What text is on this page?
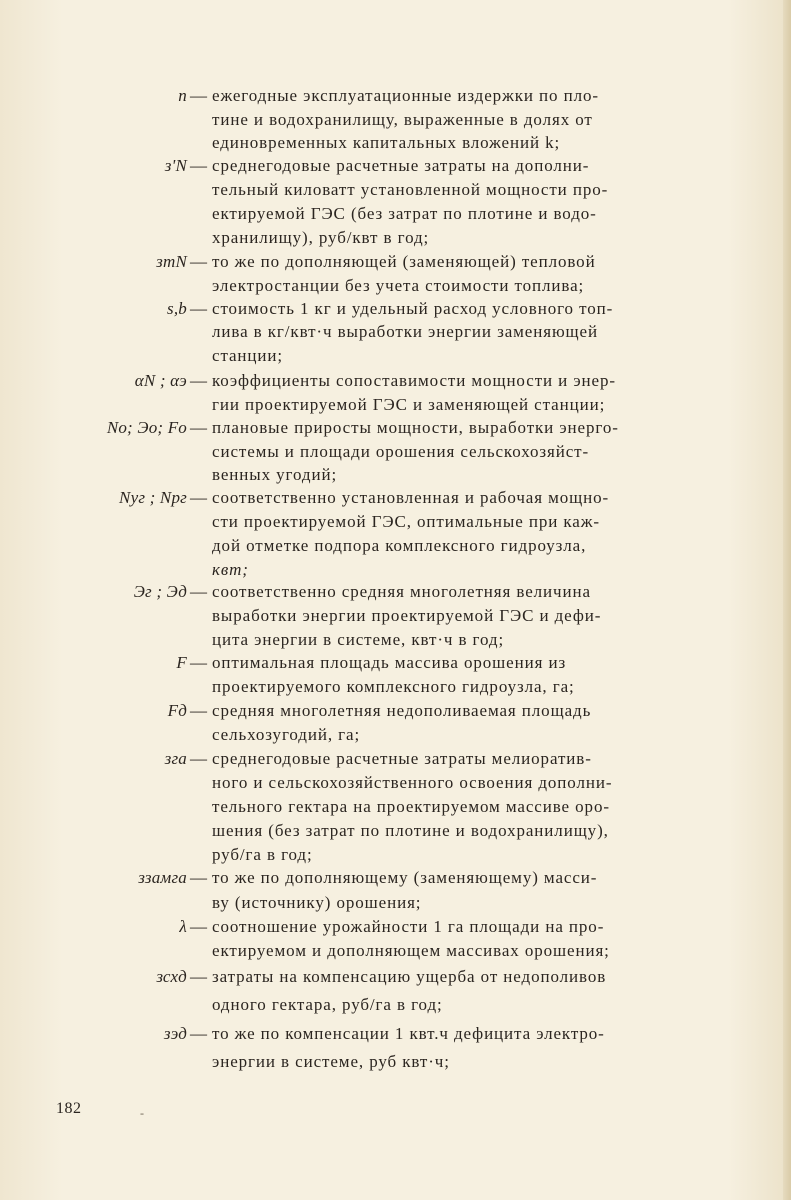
n — ежегодные эксплуатационные издержки по пло-
тине и водохранилищу, выраженные в долях от
единовременных капитальных вложений k;
з'N — среднегодовые расчетные затраты на дополни-
тельный киловатт установленной мощности про-
ектируемой ГЭС (без затрат по плотине и водо-
хранилищу), руб/квт в год;
зтN — то же по дополняющей (заменяющей) тепловой
электростанции без учета стоимости топлива;
s,b — стоимость 1 кг и удельный расход условного топ-
лива в кг/квт·ч выработки энергии заменяющей
станции;
αN ; αэ — коэффициенты сопоставимости мощности и энер-
гии проектируемой ГЭС и заменяющей станции;
No; Эо; Fо — плановые приросты мощности, выработки энерго-
системы и площади орошения сельскохозяйст-
венных угодий;
Nуг ; Nрг — соответственно установленная и рабочая мощно-
сти проектируемой ГЭС, оптимальные при каж-
дой отметке подпора комплексного гидроузла,
квт;
Эг ; Эд — соответственно средняя многолетняя величина
выработки энергии проектируемой ГЭС и дефи-
цита энергии в системе, квт·ч в год;
F — оптимальная площадь массива орошения из
проектируемого комплексного гидроузла, га;
Fд — средняя многолетняя недополиваемая площадь
сельхозугодий, га;
зга — среднегодовые расчетные затраты мелиоратив-
ного и сельскохозяйственного освоения дополни-
тельного гектара на проектируемом массиве оро-
шения (без затрат по плотине и водохранилищу),
руб/га в год;
ззамга — то же по дополняющему (заменяющему) масси-
ву (источнику) орошения;
λ — соотношение урожайности 1 га площади на про-
ектируемом и дополняющем массивах орошения;
зсхд — затраты на компенсацию ущерба от недополивов
одного гектара, руб/га в год;
зэд — то же по компенсации 1 квт.ч дефицита электро-
энергии в системе, руб квт·ч;
182	-
